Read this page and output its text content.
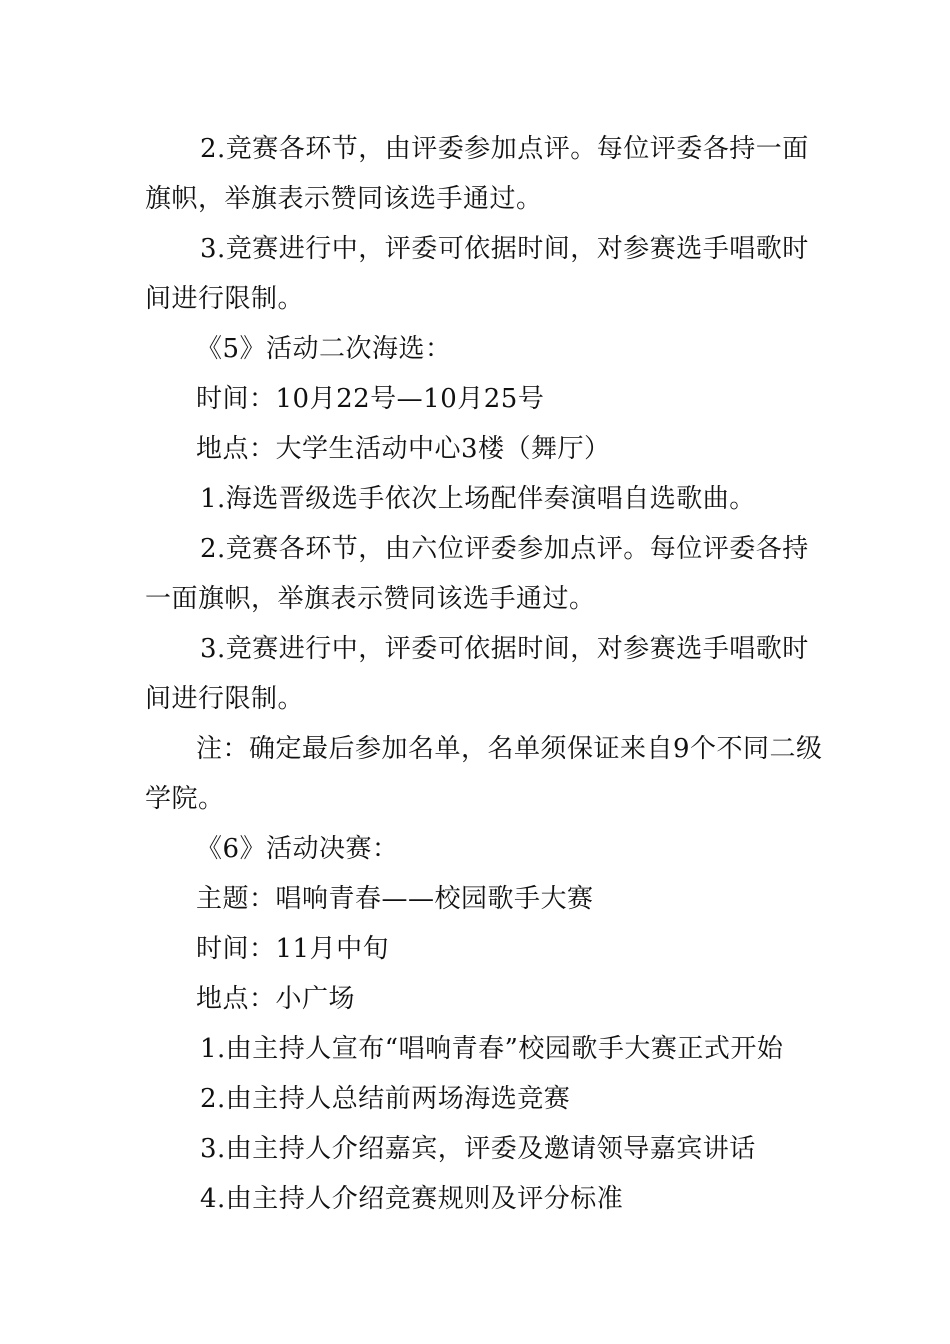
2.竞赛各环节，由评委参加点评。每位评委各持一面
旗帜，举旗表示赞同该选手通过。
3.竞赛进行中，评委可依据时间，对参赛选手唱歌时
间进行限制。
《5》活动二次海选：
时间：10月22号—10月25号
地点：大学生活动中心3楼（舞厅）
1.海选晋级选手依次上场配伴奏演唱自选歌曲。
2.竞赛各环节，由六位评委参加点评。每位评委各持
一面旗帜，举旗表示赞同该选手通过。
3.竞赛进行中，评委可依据时间，对参赛选手唱歌时
间进行限制。
注：确定最后参加名单，名单须保证来自9个不同二级
学院。
《6》活动决赛：
主题：唱响青春——校园歌手大赛
时间：11月中旬
地点：小广场
1.由主持人宣布“唱响青春”校园歌手大赛正式开始
2.由主持人总结前两场海选竞赛
3.由主持人介绍嘉宾，评委及邀请领导嘉宾讲话
4.由主持人介绍竞赛规则及评分标准
